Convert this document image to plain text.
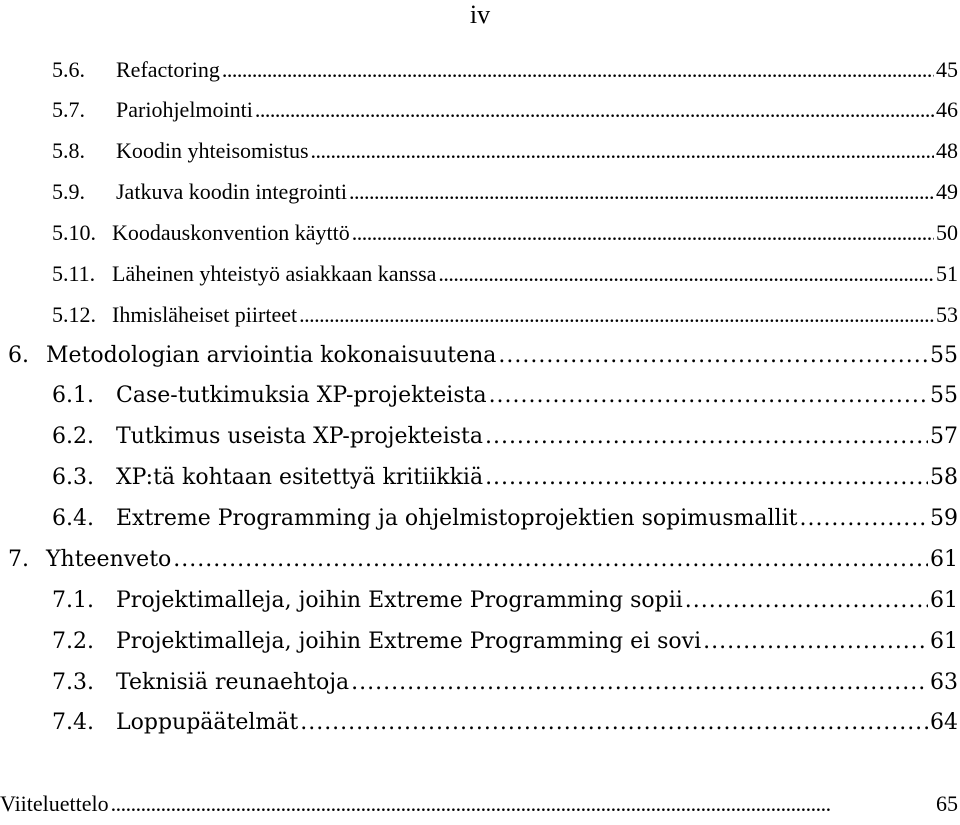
iv
5.6.	Refactoring . . .	45
5.7.	Pariohjelmointi . . .	46
5.8.	Koodin yhteisomistus . . .	48
5.9.	Jatkuva koodin integrointi . . .	49
5.10. Koodauskonvention käyttö . . .	50
5.11. Läheinen yhteistyö asiakkaan kanssa . . .	51
5.12. Ihmisläheiset piirteet . . .	53
6. Metodologian arviointia kokonaisuutena . . .	55
6.1.	Case-tutkimuksia XP-projekteista . . .	55
6.2.	Tutkimus useista XP-projekteista . . .	57
6.3.	XP:tä kohtaan esitettyä kritiikkiä . . .	58
6.4.	Extreme Programming ja ohjelmistoprojektien sopimusmallit . . .	59
7. Yhteenveto . . .	61
7.1.	Projektimalleja, joihin Extreme Programming sopii . . .	61
7.2.	Projektimalleja, joihin Extreme Programming ei sovi . . .	61
7.3.	Teknisiä reunaehtoja . . .	63
7.4.	Loppupäätelmät . . .	64
Viiteluettelo . . .	65
